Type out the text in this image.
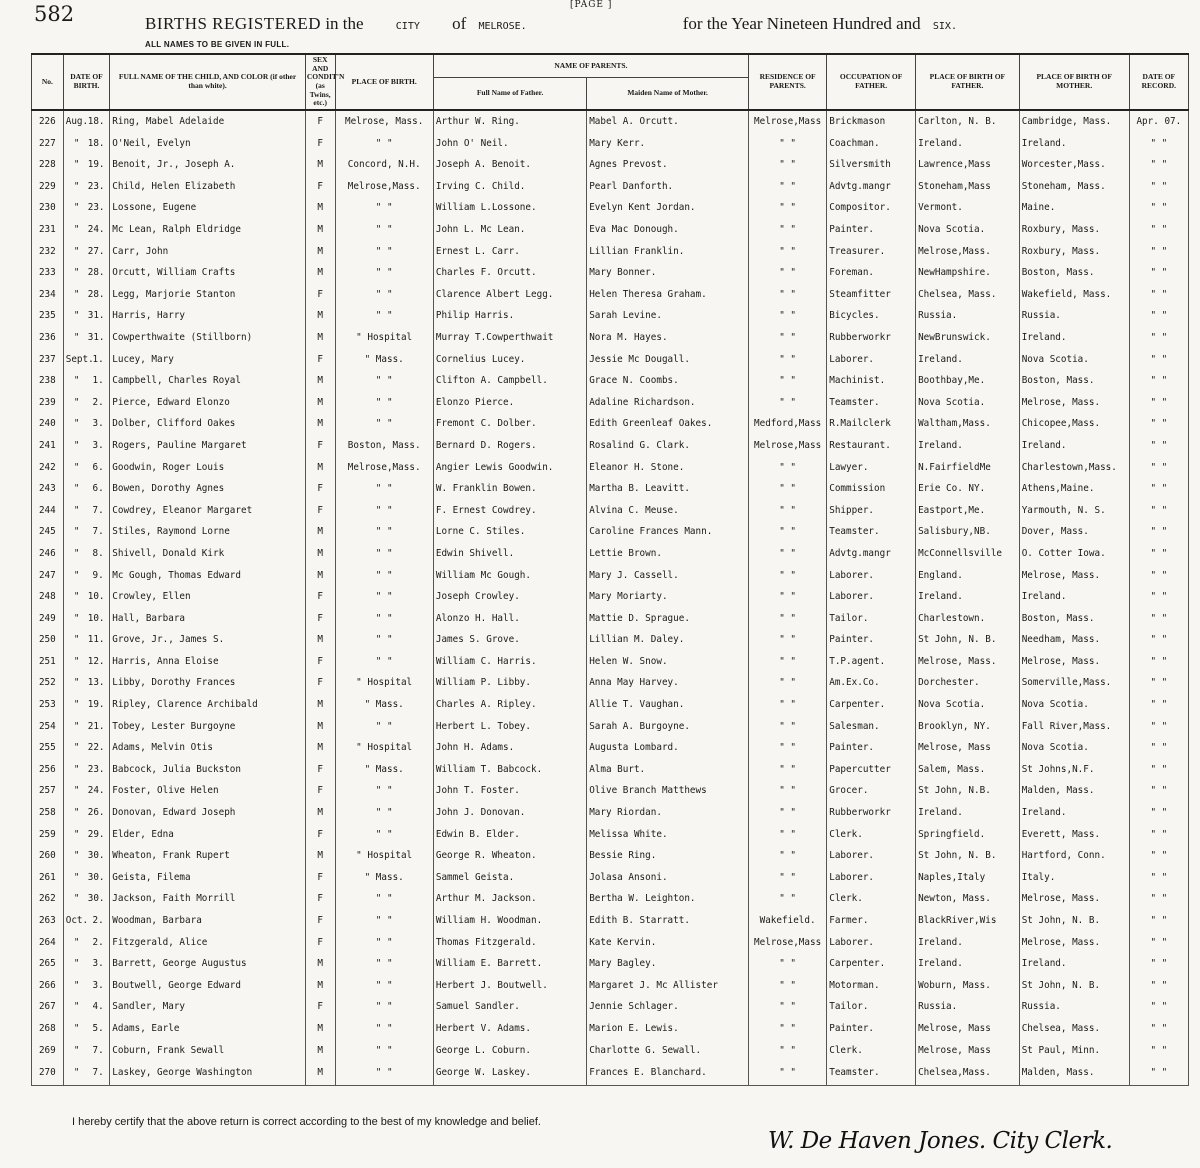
582	[PAGE ]
BIRTHS REGISTERED in the	CITY of MELROSE.	for the Year Nineteen Hundred and SIX.
ALL NAMES TO BE GIVEN IN FULL.
No.	DATE OF BIRTH.	FULL NAME OF THE CHILD, AND COLOR (if other than white).	SEX AND CONDIT'N (as Twins, etc.)	PLACE OF BIRTH.	NAME OF PARENTS.		RESIDENCE OF PARENTS.	OCCUPATION OF FATHER.	PLACE OF BIRTH OF FATHER.	PLACE OF BIRTH OF MOTHER.	DATE OF RECORD.
					Full Name of Father.	Maiden Name of Mother.					
226	Aug.18.	Ring, Mabel Adelaide	F	Melrose, Mass.	Arthur W. Ring.	Mabel A. Orcutt.	Melrose,Mass	Brickmason	Carlton, N. B.	Cambridge, Mass.	Apr. 07.
227	" 18.	O'Neil, Evelyn	F	" "	John O' Neil.	Mary Kerr.	" "	Coachman.	Ireland.	Ireland.	" "
228	" 19.	Benoit, Jr., Joseph A.	M	Concord, N.H.	Joseph A. Benoit.	Agnes Prevost.	" "	Silversmith	Lawrence,Mass	Worcester,Mass.	" "
229	" 23.	Child, Helen Elizabeth	F	Melrose,Mass.	Irving C. Child.	Pearl Danforth.	" "	Advtg.mangr	Stoneham,Mass	Stoneham, Mass.	" "
230	" 23.	Lossone, Eugene	M	" "	William L.Lossone.	Evelyn Kent Jordan.	" "	Compositor.	Vermont.	Maine.	" "
231	" 24.	Mc Lean, Ralph Eldridge	M	" "	John L. Mc Lean.	Eva Mac Donough.	" "	Painter.	Nova Scotia.	Roxbury, Mass.	" "
232	" 27.	Carr, John	M	" "	Ernest L. Carr.	Lillian Franklin.	" "	Treasurer.	Melrose,Mass.	Roxbury, Mass.	" "
233	" 28.	Orcutt, William Crafts	M	" "	Charles F. Orcutt.	Mary Bonner.	" "	Foreman.	NewHampshire.	Boston, Mass.	" "
234	" 28.	Legg, Marjorie Stanton	F	" "	Clarence Albert Legg.	Helen Theresa Graham.	" "	Steamfitter	Chelsea, Mass.	Wakefield, Mass.	" "
235	" 31.	Harris, Harry	M	" "	Philip Harris.	Sarah Levine.	" "	Bicycles.	Russia.	Russia.	" "
236	" 31.	Cowperthwaite (Stillborn)	M	" Hospital	Murray T.Cowperthwait	Nora M. Hayes.	" "	Rubberworkr	NewBrunswick.	Ireland.	" "
237	Sept.1.	Lucey, Mary	F	" Mass.	Cornelius Lucey.	Jessie Mc Dougall.	" "	Laborer.	Ireland.	Nova Scotia.	" "
238	" 1.	Campbell, Charles Royal	M	" "	Clifton A. Campbell.	Grace N. Coombs.	" "	Machinist.	Boothbay,Me.	Boston, Mass.	" "
239	" 2.	Pierce, Edward Elonzo	M	" "	Elonzo Pierce.	Adaline Richardson.	" "	Teamster.	Nova Scotia.	Melrose, Mass.	" "
240	" 3.	Dolber, Clifford Oakes	M	" "	Fremont C. Dolber.	Edith Greenleaf Oakes.	Medford,Mass	R.Mailclerk	Waltham,Mass.	Chicopee,Mass.	" "
241	" 3.	Rogers, Pauline Margaret	F	Boston, Mass.	Bernard D. Rogers.	Rosalind G. Clark.	Melrose,Mass	Restaurant.	Ireland.	Ireland.	" "
242	" 6.	Goodwin, Roger Louis	M	Melrose,Mass.	Angier Lewis Goodwin.	Eleanor H. Stone.	" "	Lawyer.	N.FairfieldMe	Charlestown,Mass.	" "
243	" 6.	Bowen, Dorothy Agnes	F	" "	W. Franklin Bowen.	Martha B. Leavitt.	" "	Commission	Erie Co. NY.	Athens,Maine.	" "
244	" 7.	Cowdrey, Eleanor Margaret	F	" "	F. Ernest Cowdrey.	Alvina C. Meuse.	" "	Shipper.	Eastport,Me.	Yarmouth, N. S.	" "
245	" 7.	Stiles, Raymond Lorne	M	" "	Lorne C. Stiles.	Caroline Frances Mann.	" "	Teamster.	Salisbury,NB.	Dover, Mass.	" "
246	" 8.	Shivell, Donald Kirk	M	" "	Edwin Shivell.	Lettie Brown.	" "	Advtg.mangr	McConnellsville	O. Cotter Iowa.	" "
247	" 9.	Mc Gough, Thomas Edward	M	" "	William Mc Gough.	Mary J. Cassell.	" "	Laborer.	England.	Melrose, Mass.	" "
248	" 10.	Crowley, Ellen	F	" "	Joseph Crowley.	Mary Moriarty.	" "	Laborer.	Ireland.	Ireland.	" "
249	" 10.	Hall, Barbara	F	" "	Alonzo H. Hall.	Mattie D. Sprague.	" "	Tailor.	Charlestown.	Boston, Mass.	" "
250	" 11.	Grove, Jr., James S.	M	" "	James S. Grove.	Lillian M. Daley.	" "	Painter.	St John, N. B.	Needham, Mass.	" "
251	" 12.	Harris, Anna Eloise	F	" "	William C. Harris.	Helen W. Snow.	" "	T.P.agent.	Melrose, Mass.	Melrose, Mass.	" "
252	" 13.	Libby, Dorothy Frances	F	" Hospital	William P. Libby.	Anna May Harvey.	" "	Am.Ex.Co.	Dorchester.	Somerville,Mass.	" "
253	" 19.	Ripley, Clarence Archibald	M	" Mass.	Charles A. Ripley.	Allie T. Vaughan.	" "	Carpenter.	Nova Scotia.	Nova Scotia.	" "
254	" 21.	Tobey, Lester Burgoyne	M	" "	Herbert L. Tobey.	Sarah A. Burgoyne.	" "	Salesman.	Brooklyn, NY.	Fall River,Mass.	" "
255	" 22.	Adams, Melvin Otis	M	" Hospital	John H. Adams.	Augusta Lombard.	" "	Painter.	Melrose, Mass	Nova Scotia.	" "
256	" 23.	Babcock, Julia Buckston	F	" Mass.	William T. Babcock.	Alma Burt.	" "	Papercutter	Salem, Mass.	St Johns,N.F.	" "
257	" 24.	Foster, Olive Helen	F	" "	John T. Foster.	Olive Branch Matthews	" "	Grocer.	St John, N.B.	Malden, Mass.	" "
258	" 26.	Donovan, Edward Joseph	M	" "	John J. Donovan.	Mary Riordan.	" "	Rubberworkr	Ireland.	Ireland.	" "
259	" 29.	Elder, Edna	F	" "	Edwin B. Elder.	Melissa White.	" "	Clerk.	Springfield.	Everett, Mass.	" "
260	" 30.	Wheaton, Frank Rupert	M	" Hospital	George R. Wheaton.	Bessie Ring.	" "	Laborer.	St John, N. B.	Hartford, Conn.	" "
261	" 30.	Geista, Filema	F	" Mass.	Sammel Geista.	Jolasa Ansoni.	" "	Laborer.	Naples,Italy	Italy.	" "
262	" 30.	Jackson, Faith Morrill	F	" "	Arthur M. Jackson.	Bertha W. Leighton.	" "	Clerk.	Newton, Mass.	Melrose, Mass.	" "
263	Oct. 2.	Woodman, Barbara	F	" "	William H. Woodman.	Edith B. Starratt.	Wakefield.	Farmer.	BlackRiver,Wis	St John, N. B.	" "
264	" 2.	Fitzgerald, Alice	F	" "	Thomas Fitzgerald.	Kate Kervin.	Melrose,Mass	Laborer.	Ireland.	Melrose, Mass.	" "
265	" 3.	Barrett, George Augustus	M	" "	William E. Barrett.	Mary Bagley.	" "	Carpenter.	Ireland.	Ireland.	" "
266	" 3.	Boutwell, George Edward	M	" "	Herbert J. Boutwell.	Margaret J. Mc Allister	" "	Motorman.	Woburn, Mass.	St John, N. B.	" "
267	" 4.	Sandler, Mary	F	" "	Samuel Sandler.	Jennie Schlager.	" "	Tailor.	Russia.	Russia.	" "
268	" 5.	Adams, Earle	M	" "	Herbert V. Adams.	Marion E. Lewis.	" "	Painter.	Melrose, Mass	Chelsea, Mass.	" "
269	" 7.	Coburn, Frank Sewall	M	" "	George L. Coburn.	Charlotte G. Sewall.	" "	Clerk.	Melrose, Mass	St Paul, Minn.	" "
270	" 7.	Laskey, George Washington	M	" "	George W. Laskey.	Frances E. Blanchard.	" "	Teamster.	Chelsea,Mass.	Malden, Mass.	" "
I hereby certify that the above return is correct according to the best of my knowledge and belief.
W. De Haven Jones. City Clerk.
